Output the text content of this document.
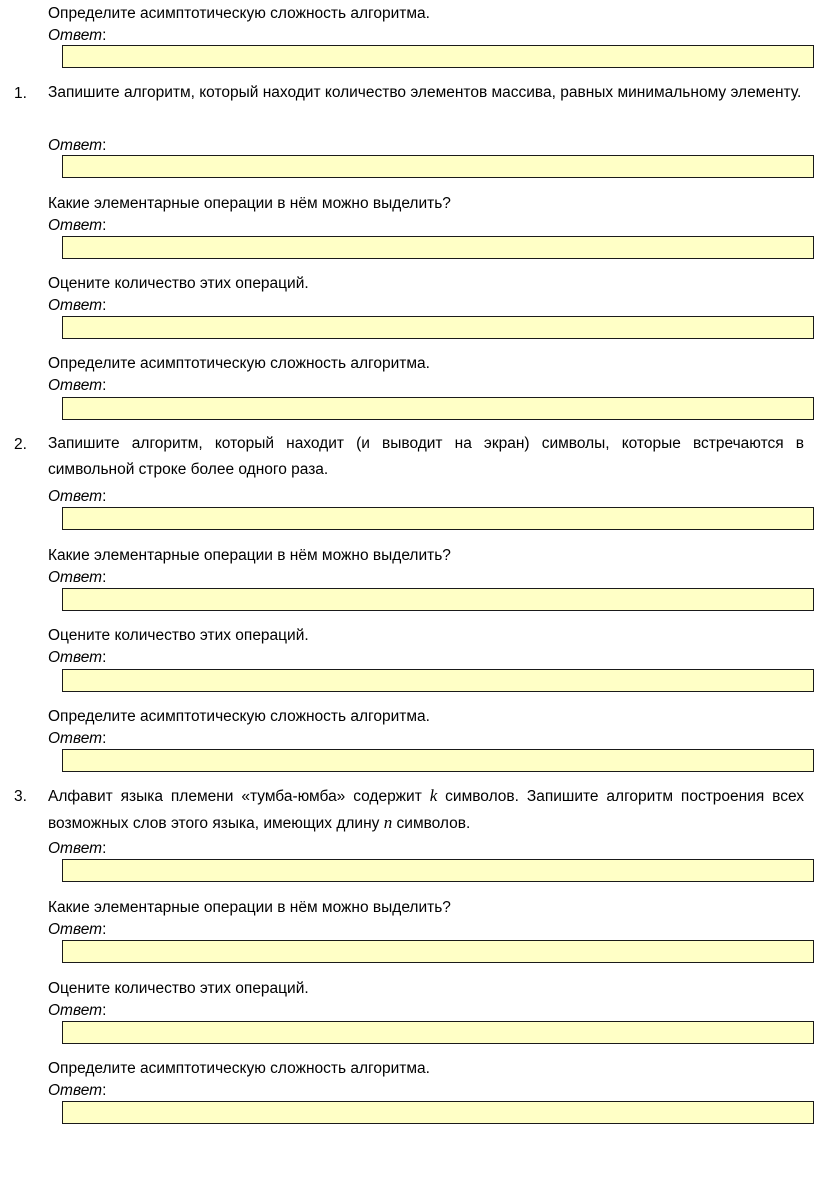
Определите асимптотическую сложность алгоритма.
Ответ:
1. Запишите алгоритм, который находит количество элементов массива, равных минимальному элементу.
Ответ:
Какие элементарные операции в нём можно выделить?
Ответ:
Оцените количество этих операций.
Ответ:
Определите асимптотическую сложность алгоритма.
Ответ:
2. Запишите алгоритм, который находит (и выводит на экран) символы, которые встречаются в символьной строке более одного раза.
Ответ:
Какие элементарные операции в нём можно выделить?
Ответ:
Оцените количество этих операций.
Ответ:
Определите асимптотическую сложность алгоритма.
Ответ:
3. Алфавит языка племени «тумба-юмба» содержит k символов. Запишите алгоритм построения всех возможных слов этого языка, имеющих длину n символов.
Ответ:
Какие элементарные операции в нём можно выделить?
Ответ:
Оцените количество этих операций.
Ответ:
Определите асимптотическую сложность алгоритма.
Ответ:
